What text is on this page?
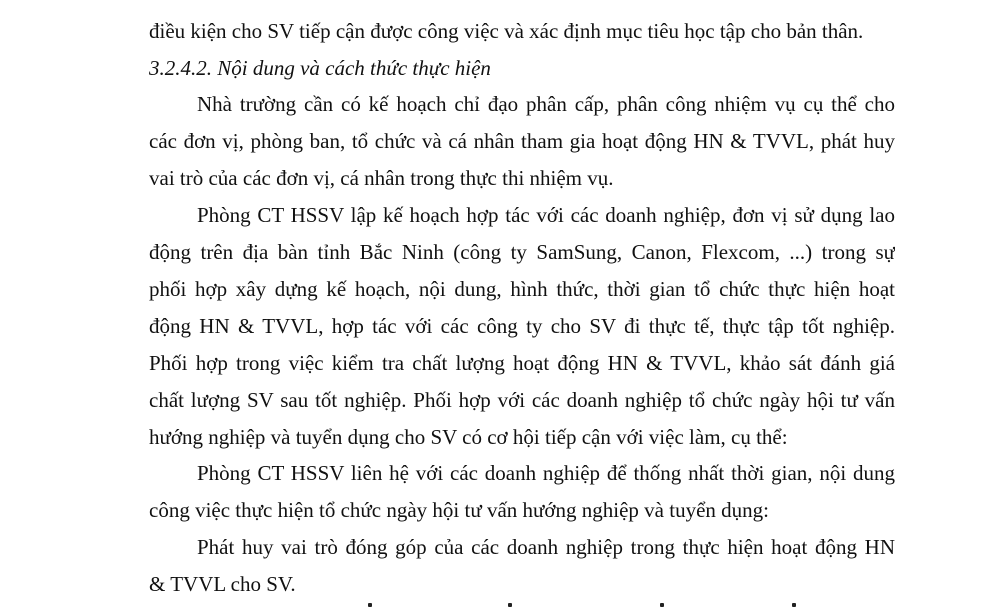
điều kiện cho SV tiếp cận được công việc và xác định mục tiêu học tập cho bản thân.
3.2.4.2. Nội dung và cách thức thực hiện
Nhà trường cần có kế hoạch chỉ đạo phân cấp, phân công nhiệm vụ cụ thể cho
các đơn vị, phòng ban, tổ chức và cá nhân tham gia hoạt động HN & TVVL, phát huy
vai trò của các đơn vị, cá nhân trong thực thi nhiệm vụ.
Phòng CT HSSV lập kế hoạch hợp tác với các doanh nghiệp, đơn vị sử dụng lao
động trên địa bàn tỉnh Bắc Ninh (công ty SamSung, Canon, Flexcom, ...) trong sự
phối hợp xây dựng kế hoạch, nội dung, hình thức, thời gian tổ chức thực hiện hoạt
động HN & TVVL, hợp tác với các công ty cho SV đi thực tế, thực tập tốt nghiệp.
Phối hợp trong việc kiểm tra chất lượng hoạt động HN & TVVL, khảo sát đánh giá
chất lượng SV sau tốt nghiệp. Phối hợp với các doanh nghiệp tổ chức ngày hội tư vấn
hướng nghiệp và tuyển dụng cho SV có cơ hội tiếp cận với việc làm, cụ thể:
Phòng CT HSSV liên hệ với các doanh nghiệp để thống nhất thời gian, nội dung
công việc thực hiện tổ chức ngày hội tư vấn hướng nghiệp và tuyển dụng:
Phát huy vai trò đóng góp của các doanh nghiệp trong thực hiện hoạt động HN
& TVVL cho SV.
